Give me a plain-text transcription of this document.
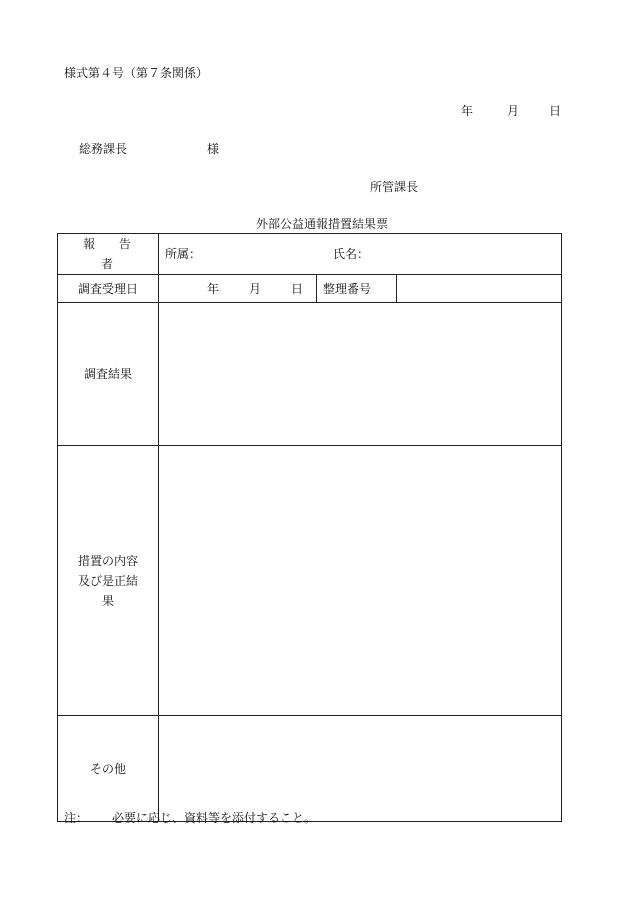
様式第４号（第７条関係）
年	月	日
総務課長	様
所管課長
外部公益通報措置結果票
報 告 者	所属： 氏名：		
調査受理日	年 月 日	整理番号	
調査結果			

措置の内容
及び是正結
果			

その他			
注： 必要に応じ、資料等を添付すること。
